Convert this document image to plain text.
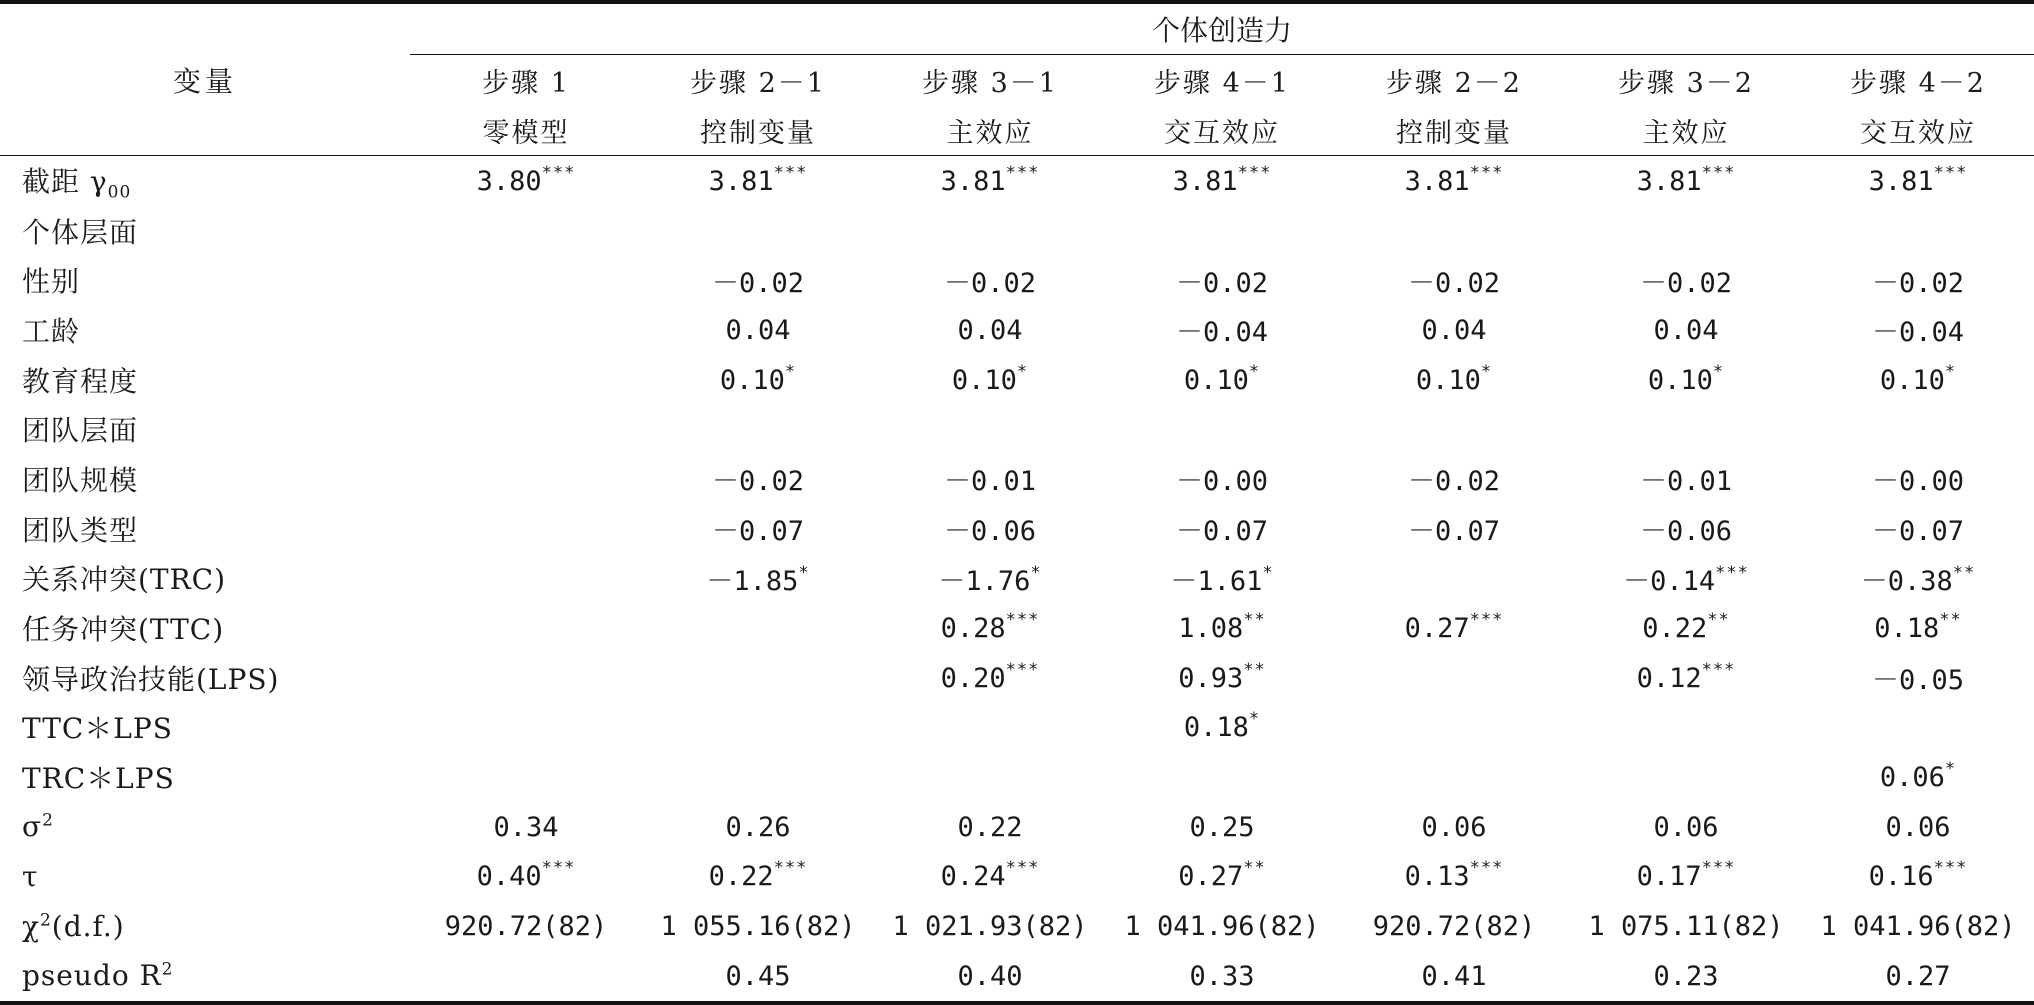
变量	个体创造力						
	步骤 1	步骤 2－1	步骤 3－1	步骤 4－1	步骤 2－2	步骤 3－2	步骤 4－2
	零模型	控制变量	主效应	交互效应	控制变量	主效应	交互效应
截距 $\gamma_{00}$	3.80***	3.81***	3.81***	3.81***	3.81***	3.81***	3.81***
个体层面							
性别		－0.02	－0.02	－0.02	－0.02	－0.02	－0.02
工龄		0.04	0.04	－0.04	0.04	0.04	－0.04
教育程度		0.10*	0.10*	0.10*	0.10*	0.10*	0.10*
团队层面							
团队规模		－0.02	－0.01	－0.00	－0.02	－0.01	－0.00
团队类型		－0.07	－0.06	－0.07	－0.07	－0.06	－0.07
关系冲突(TRC)		－1.85*	－1.76*	－1.61*		－0.14***	－0.38**
任务冲突(TTC)			0.28***	1.08**	0.27***	0.22**	0.18**
领导政治技能(LPS)			0.20***	0.93**		0.12***	－0.05
TTC＊LPS				0.18*			
TRC＊LPS							0.06*
$\sigma^2$	0.34	0.26	0.22	0.25	0.06	0.06	0.06
τ	0.40***	0.22***	0.24***	0.27**	0.13***	0.17***	0.16***
$\chi^2(d.f.)$	920.72(82)	1 055.16(82)	1 021.93(82)	1 041.96(82)	920.72(82)	1 075.11(82)	1 041.96(82)
pseudo $R^2$		0.45	0.40	0.33	0.41	0.23	0.27
